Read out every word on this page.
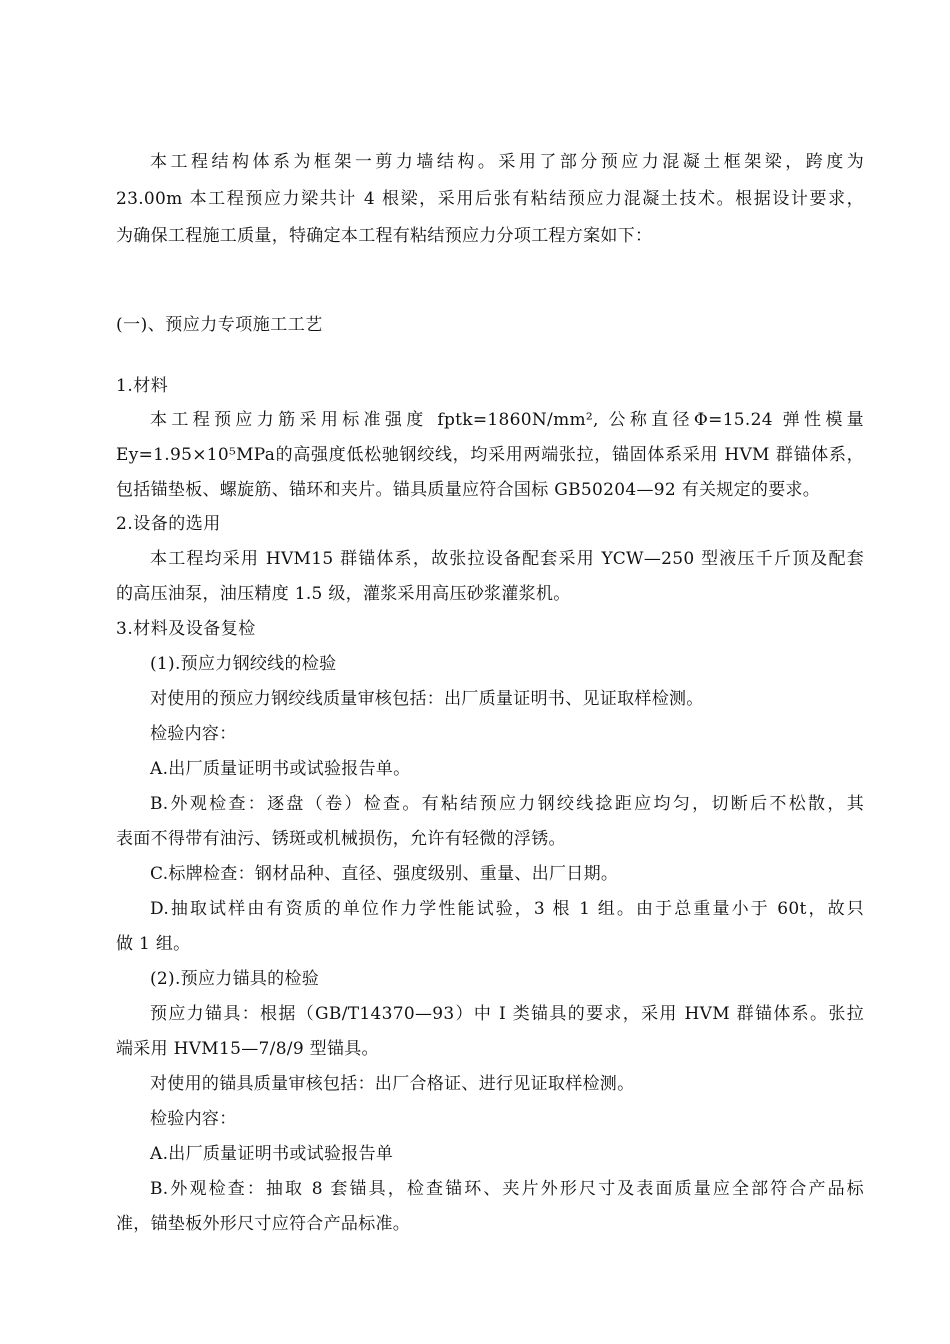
本工程结构体系为框架一剪力墙结构。采用了部分预应力混凝土框架梁，跨度为
23.00m 本工程预应力梁共计 4 根梁，采用后张有粘结预应力混凝土技术。根据设计要求，
为确保工程施工质量，特确定本工程有粘结预应力分项工程方案如下：
(一)、预应力专项施工工艺
1.材料
本工程预应力筋采用标准强度 fptk=1860N/mm², 公称直径Φ=15.24 弹性模量
Ey=1.95×10⁵MPa的高强度低松驰钢绞线，均采用两端张拉，锚固体系采用 HVM 群锚体系，
包括锚垫板、螺旋筋、锚环和夹片。锚具质量应符合国标 GB50204—92 有关规定的要求。
2.设备的选用
本工程均采用 HVM15 群锚体系，故张拉设备配套采用 YCW—250 型液压千斤顶及配套
的高压油泵，油压精度 1.5 级，灌浆采用高压砂浆灌浆机。
3.材料及设备复检
(1).预应力钢绞线的检验
对使用的预应力钢绞线质量审核包括：出厂质量证明书、见证取样检测。
检验内容：
A.出厂质量证明书或试验报告单。
B.外观检查：逐盘（卷）检查。有粘结预应力钢绞线捻距应均匀，切断后不松散，其
表面不得带有油污、锈斑或机械损伤，允许有轻微的浮锈。
C.标牌检查：钢材品种、直径、强度级别、重量、出厂日期。
D.抽取试样由有资质的单位作力学性能试验，3 根 1 组。由于总重量小于 60t，故只
做 1 组。
(2).预应力锚具的检验
预应力锚具：根据（GB/T14370—93）中 I 类锚具的要求，采用 HVM 群锚体系。张拉
端采用 HVM15—7/8/9 型锚具。
对使用的锚具质量审核包括：出厂合格证、进行见证取样检测。
检验内容：
A.出厂质量证明书或试验报告单
B.外观检查：抽取 8 套锚具，检查锚环、夹片外形尺寸及表面质量应全部符合产品标
准，锚垫板外形尺寸应符合产品标准。
